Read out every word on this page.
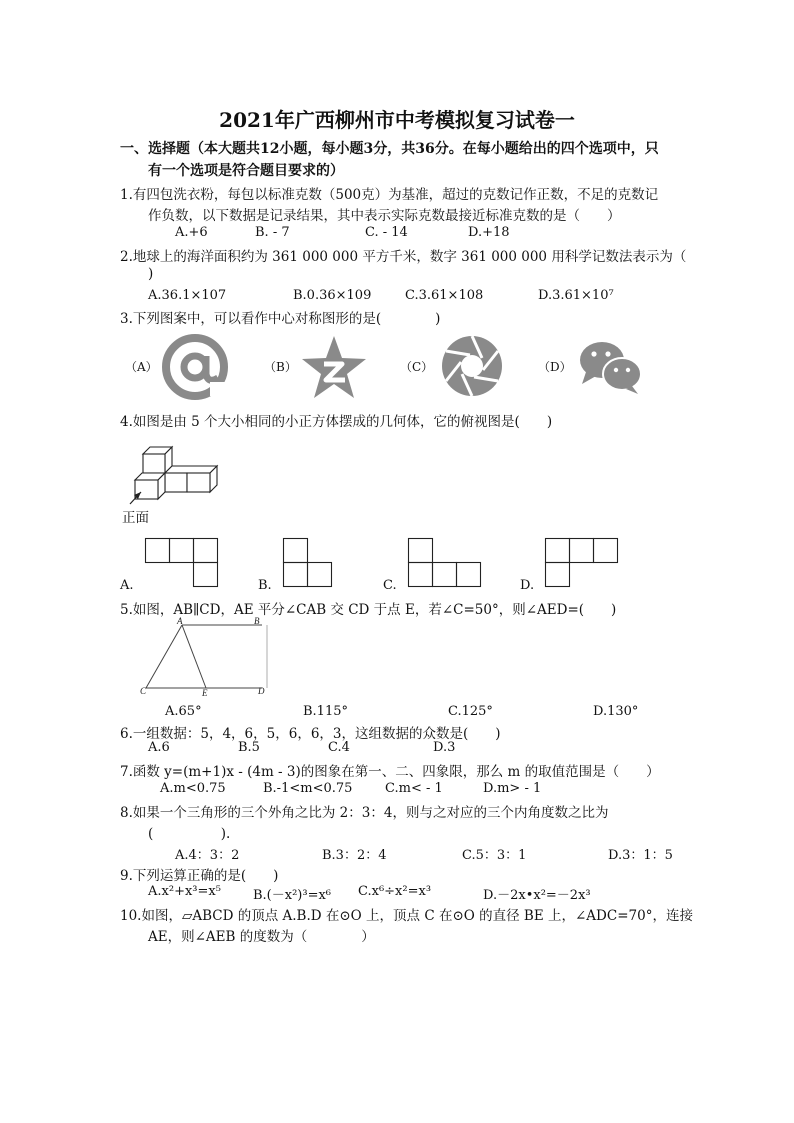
2021年广西柳州市中考模拟复习试卷一
一、选择题（本大题共12小题，每小题3分，共36分。在每小题给出的四个选项中，只
有一个选项是符合题目要求的）
1.有四包洗衣粉，每包以标准克数（500克）为基准，超过的克数记作正数，不足的克数记
作负数，以下数据是记录结果，其中表示实际克数最接近标准克数的是（　　）
A.+6	B. - 7	C. - 14	D.+18
2.地球上的海洋面积约为 361 000 000 平方千米，数字 361 000 000 用科学记数法表示为（
)
A.36.1×107	B.0.36×109	C.3.61×108	D.3.61×10⁷
3.下列图案中，可以看作中心对称图形的是(　　　　)
（A）	（B）	（C）	（D）
4.如图是由 5 个大小相同的小正方体摆成的几何体，它的俯视图是(　　)
正面
A.	B.	C.	D.
5.如图，AB∥CD，AE 平分∠CAB 交 CD 于点 E，若∠C=50°，则∠AED=(　　)
A	B
C	E	D
A.65°	B.115°	C.125°	D.130°
6.一组数据：5，4，6，5，6，6，3，这组数据的众数是(　　)
A.6	B.5	C.4	D.3
7.函数 y=(m+1)x - (4m - 3)的图象在第一、二、四象限，那么 m 的取值范围是（　　）
A.m<0.75	B.-1<m<0.75	C.m< - 1	D.m> - 1
8.如果一个三角形的三个外角之比为 2：3：4，则与之对应的三个内角度数之比为
(　　　　　).
A.4：3：2	B.3：2：4	C.5：3：1	D.3：1：5
9.下列运算正确的是(　　)
A.x²+x³=x⁵ B.(－x²)³=x⁶ C.x⁶÷x²=x³	D.－2x•x²=－2x³
10.如图，▱ABCD 的顶点 A.B.D 在⊙O 上，顶点 C 在⊙O 的直径 BE 上，∠ADC=70°，连接
AE，则∠AEB 的度数为（　　　　）
